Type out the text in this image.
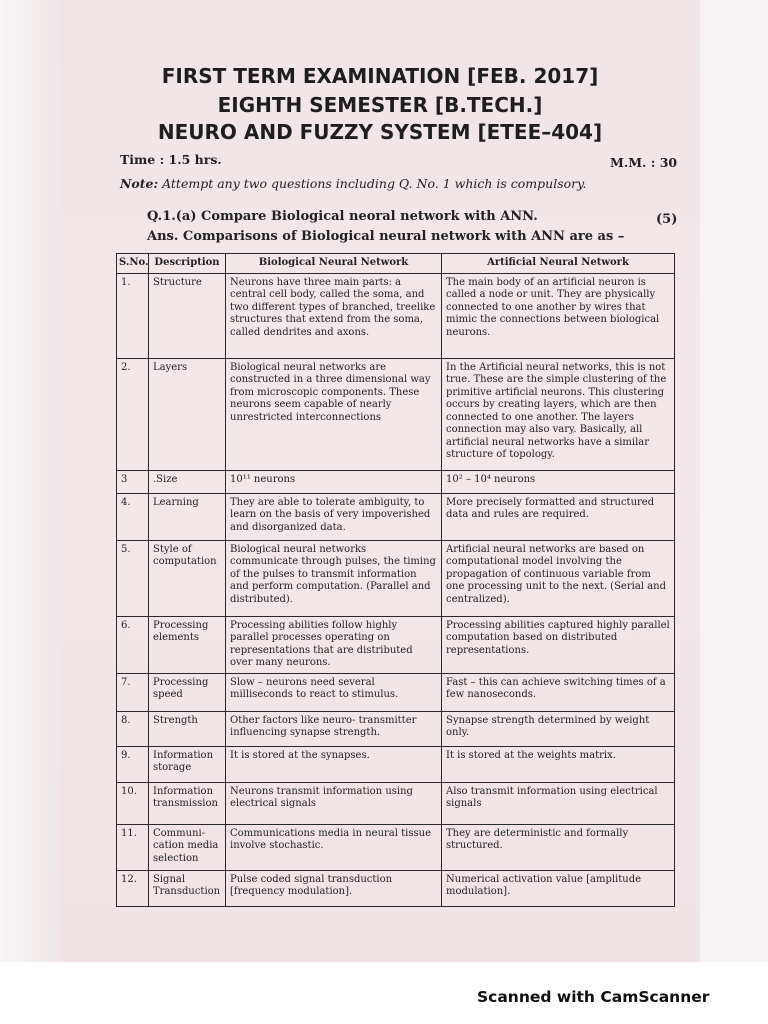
FIRST TERM EXAMINATION [FEB. 2017]
EIGHTH SEMESTER [B.TECH.]
NEURO AND FUZZY SYSTEM [ETEE–404]
Time : 1.5 hrs.	M.M. : 30
Note: Attempt any two questions including Q. No. 1 which is compulsory.
Q.1.(a) Compare Biological neoral network with ANN.	(5)
Ans. Comparisons of Biological neural network with ANN are as –
S.No.	Description	Biological Neural Network	Artificial Neural Network
1.	Structure	Neurons have three main parts: a central cell body, called the soma, and two different types of branched, treelike structures that extend from the soma, called dendrites and axons.	The main body of an artificial neuron is called a node or unit. They are physically connected to one another by wires that mimic the connections between biological neurons.
2.	Layers	Biological neural networks are constructed in a three dimensional way from microscopic components. These neurons seem capable of nearly unrestricted interconnections	In the Artificial neural networks, this is not true. These are the simple clustering of the primitive artificial neurons. This clustering occurs by creating layers, which are then connected to one another. The layers connection may also vary. Basically, all artificial neural networks have a similar structure of topology.
3	.Size	10¹¹ neurons	10² – 10⁴ neurons
4.	Learning	They are able to tolerate ambiguity, to learn on the basis of very impoverished and disorganized data.	More precisely formatted and structured data and rules are required.
5.	Style of computation	Biological neural networks communicate through pulses, the timing of the pulses to transmit information and perform computation. (Parallel and distributed).	Artificial neural networks are based on computational model involving the propagation of continuous variable from one processing unit to the next. (Serial and centralized).
6.	Processing elements	Processing abilities follow highly parallel processes operating on representations that are distributed over many neurons.	Processing abilities captured highly parallel computation based on distributed representations.
7.	Processing speed	Slow – neurons need several milliseconds to react to stimulus.	Fast – this can achieve switching times of a few nanoseconds.
8.	Strength	Other factors like neuro- transmitter influencing synapse strength.	Synapse strength determined by weight only.
9.	Information storage	It is stored at the synapses.	It is stored at the weights matrix.
10.	Information transmission	Neurons transmit information using electrical signals	Also transmit information using electrical signals
11.	Communi-cation media selection	Communications media in neural tissue involve stochastic.	They are deterministic and formally structured.
12.	Signal Transduction	Pulse coded signal transduction [frequency modulation].	Numerical activation value [amplitude modulation].
Scanned with CamScanner
